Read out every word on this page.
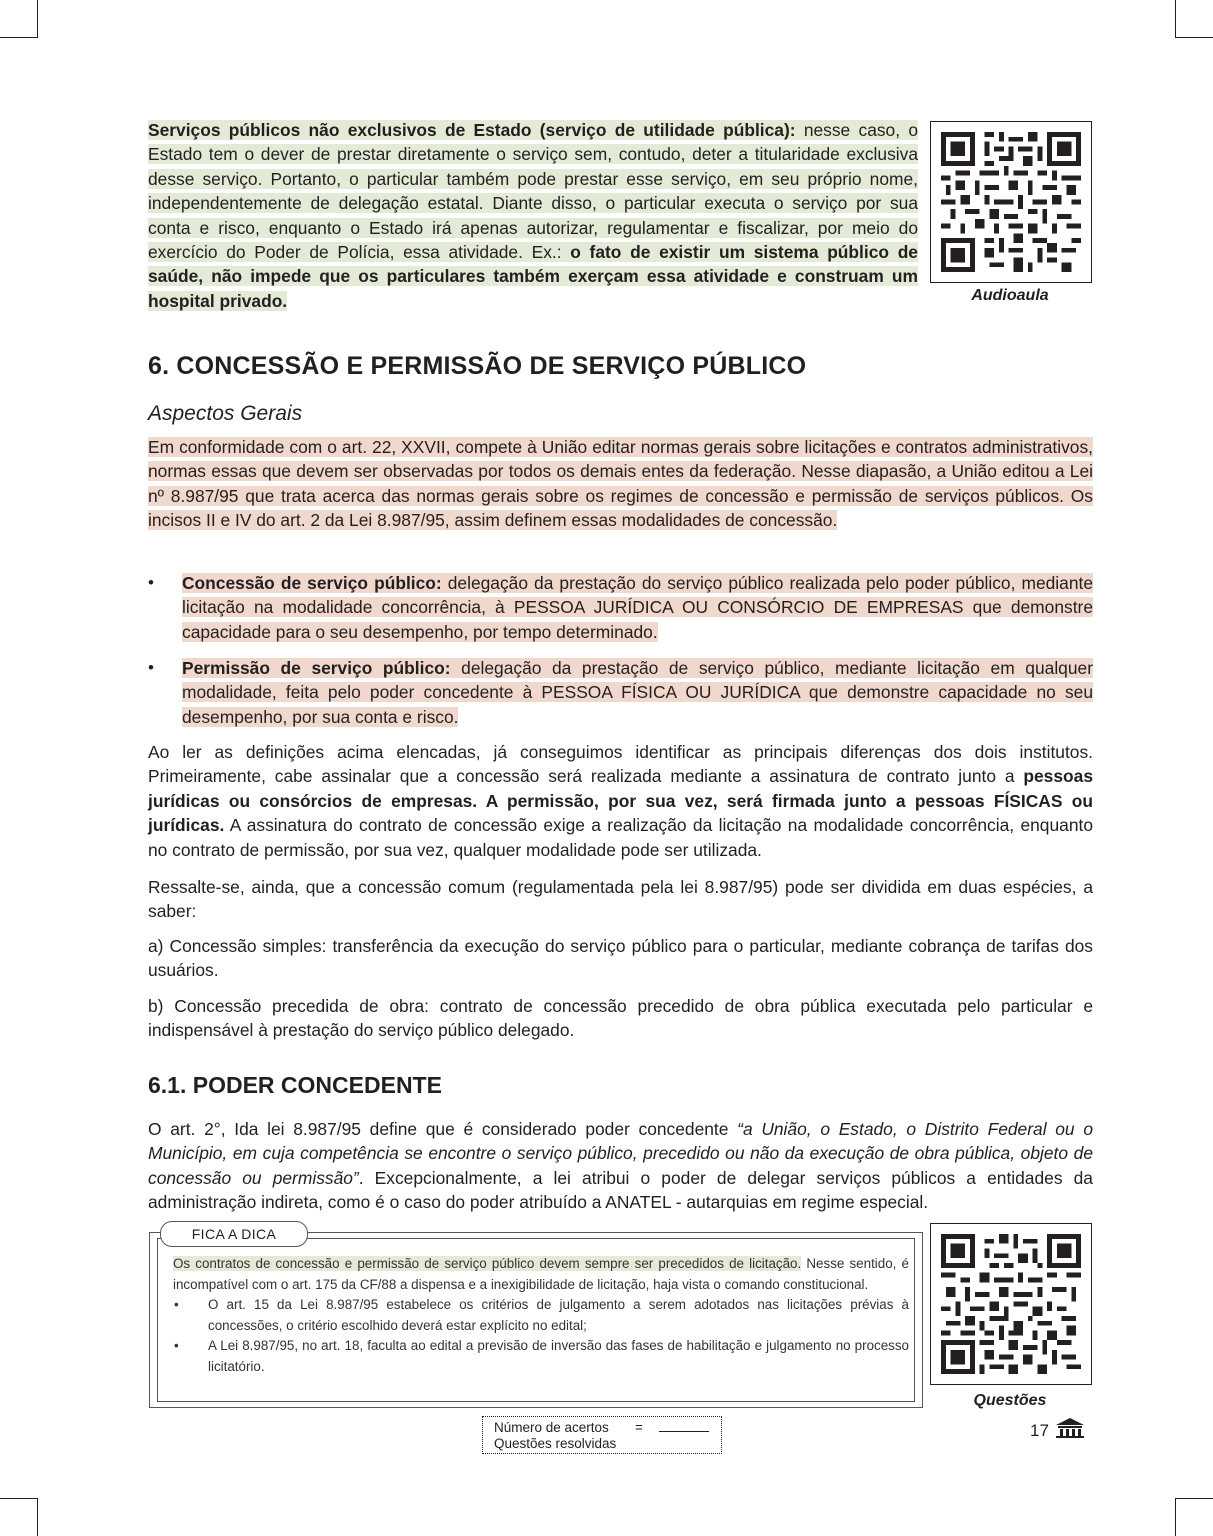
Serviços públicos não exclusivos de Estado (serviço de utilidade pública): nesse caso, o Estado tem o dever de prestar diretamente o serviço sem, contudo, deter a titularidade exclusiva desse serviço. Portanto, o particular também pode prestar esse serviço, em seu próprio nome, independentemente de delegação estatal. Diante disso, o particular executa o serviço por sua conta e risco, enquanto o Estado irá apenas autorizar, regulamentar e fiscalizar, por meio do exercício do Poder de Polícia, essa atividade. Ex.: o fato de existir um sistema público de saúde, não impede que os particulares também exerçam essa atividade e construam um hospital privado.	Audioaula
6. CONCESSÃO E PERMISSÃO DE SERVIÇO PÚBLICO
Aspectos Gerais
Em conformidade com o art. 22, XXVII, compete à União editar normas gerais sobre licitações e contratos administrativos, normas essas que devem ser observadas por todos os demais entes da federação. Nesse diapasão, a União editou a Lei nº 8.987/95 que trata acerca das normas gerais sobre os regimes de concessão e permissão de serviços públicos. Os incisos II e IV do art. 2 da Lei 8.987/95, assim definem essas modalidades de concessão.
• Concessão de serviço público: delegação da prestação do serviço público realizada pelo poder público, mediante licitação na modalidade concorrência, à PESSOA JURÍDICA OU CONSÓRCIO DE EMPRESAS que demonstre capacidade para o seu desempenho, por tempo determinado.
• Permissão de serviço público: delegação da prestação de serviço público, mediante licitação em qualquer modalidade, feita pelo poder concedente à PESSOA FÍSICA OU JURÍDICA que demonstre capacidade no seu desempenho, por sua conta e risco.
Ao ler as definições acima elencadas, já conseguimos identificar as principais diferenças dos dois institutos. Primeiramente, cabe assinalar que a concessão será realizada mediante a assinatura de contrato junto a pessoas jurídicas ou consórcios de empresas. A permissão, por sua vez, será firmada junto a pessoas FÍSICAS ou jurídicas. A assinatura do contrato de concessão exige a realização da licitação na modalidade concorrência, enquanto no contrato de permissão, por sua vez, qualquer modalidade pode ser utilizada.
Ressalte-se, ainda, que a concessão comum (regulamentada pela lei 8.987/95) pode ser dividida em duas espécies, a saber:
a) Concessão simples: transferência da execução do serviço público para o particular, mediante cobrança de tarifas dos usuários.
b) Concessão precedida de obra: contrato de concessão precedido de obra pública executada pelo particular e indispensável à prestação do serviço público delegado.
6.1. PODER CONCEDENTE
O art. 2°, Ida lei 8.987/95 define que é considerado poder concedente “a União, o Estado, o Distrito Federal ou o Município, em cuja competência se encontre o serviço público, precedido ou não da execução de obra pública, objeto de concessão ou permissão”. Excepcionalmente, a lei atribui o poder de delegar serviços públicos a entidades da administração indireta, como é o caso do poder atribuído a ANATEL - autarquias em regime especial.
FICA A DICA
Os contratos de concessão e permissão de serviço público devem sempre ser precedidos de licitação. Nesse sentido, é incompatível com o art. 175 da CF/88 a dispensa e a inexigibilidade de licitação, haja vista o comando constitucional.
• O art. 15 da Lei 8.987/95 estabelece os critérios de julgamento a serem adotados nas licitações prévias à concessões, o critério escolhido deverá estar explícito no edital;
• A Lei 8.987/95, no art. 18, faculta ao edital a previsão de inversão das fases de habilitação e julgamento no processo licitatório.
Questões
Número de acertos
Questões resolvidas
=	17
